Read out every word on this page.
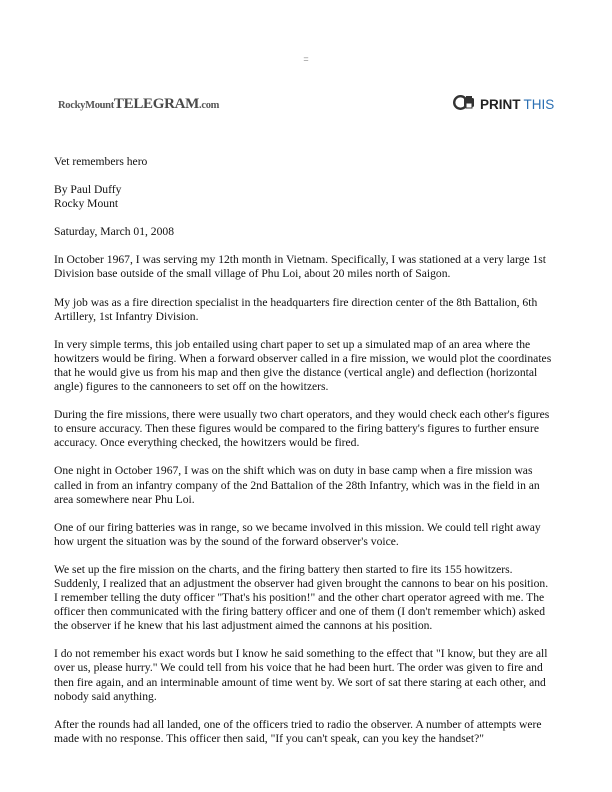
=
RockyMountTELEGRAM.com	PRINT THIS

Vet remembers hero

By Paul Duffy
Rocky Mount

Saturday, March 01, 2008

In October 1967, I was serving my 12th month in Vietnam. Specifically, I was stationed at a very large 1st Division base outside of the small village of Phu Loi, about 20 miles north of Saigon.

My job was as a fire direction specialist in the headquarters fire direction center of the 8th Battalion, 6th Artillery, 1st Infantry Division.

In very simple terms, this job entailed using chart paper to set up a simulated map of an area where the howitzers would be firing. When a forward observer called in a fire mission, we would plot the coordinates that he would give us from his map and then give the distance (vertical angle) and deflection (horizontal angle) figures to the cannoneers to set off on the howitzers.

During the fire missions, there were usually two chart operators, and they would check each other's figures to ensure accuracy. Then these figures would be compared to the firing battery's figures to further ensure accuracy. Once everything checked, the howitzers would be fired.

One night in October 1967, I was on the shift which was on duty in base camp when a fire mission was called in from an infantry company of the 2nd Battalion of the 28th Infantry, which was in the field in an area somewhere near Phu Loi.

One of our firing batteries was in range, so we became involved in this mission. We could tell right away how urgent the situation was by the sound of the forward observer's voice.

We set up the fire mission on the charts, and the firing battery then started to fire its 155 howitzers. Suddenly, I realized that an adjustment the observer had given brought the cannons to bear on his position. I remember telling the duty officer "That's his position!" and the other chart operator agreed with me. The officer then communicated with the firing battery officer and one of them (I don't remember which) asked the observer if he knew that his last adjustment aimed the cannons at his position.

I do not remember his exact words but I know he said something to the effect that "I know, but they are all over us, please hurry." We could tell from his voice that he had been hurt. The order was given to fire and then fire again, and an interminable amount of time went by. We sort of sat there staring at each other, and nobody said anything.

After the rounds had all landed, one of the officers tried to radio the observer. A number of attempts were made with no response. This officer then said, "If you can't speak, can you key the handset?"
